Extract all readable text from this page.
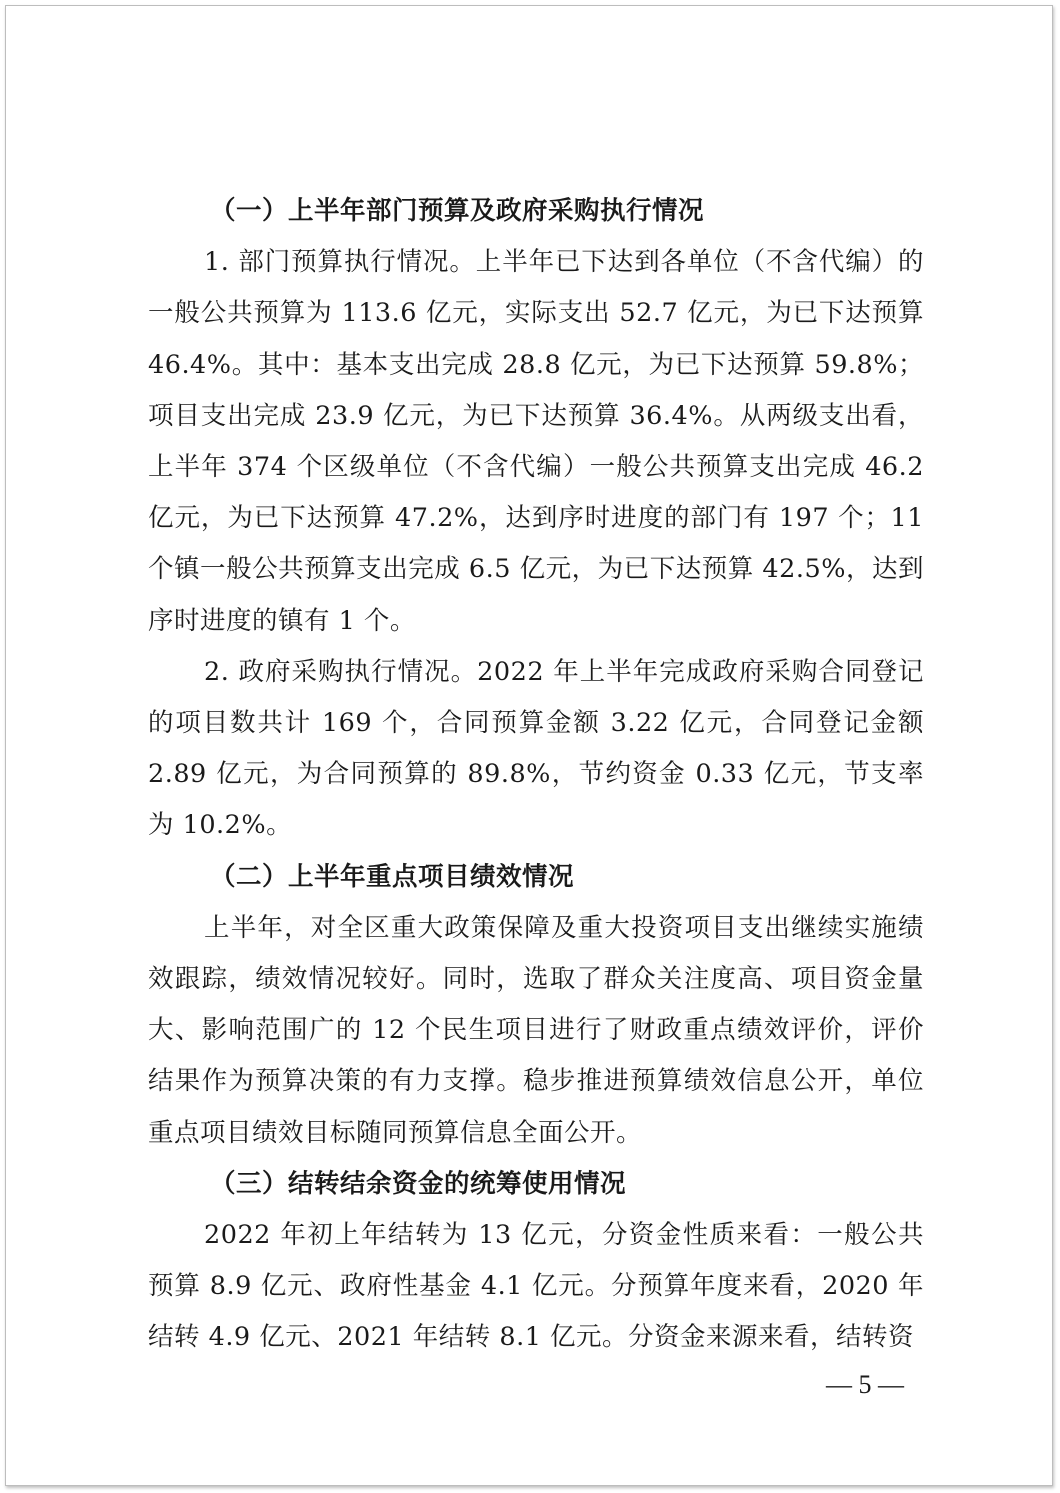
（一）上半年部门预算及政府采购执行情况

1. 部门预算执行情况。上半年已下达到各单位（不含代编）的一般公共预算为 113.6 亿元，实际支出 52.7 亿元，为已下达预算 46.4%。其中：基本支出完成 28.8 亿元，为已下达预算 59.8%；项目支出完成 23.9 亿元，为已下达预算 36.4%。从两级支出看，上半年 374 个区级单位（不含代编）一般公共预算支出完成 46.2 亿元，为已下达预算 47.2%，达到序时进度的部门有 197 个；11 个镇一般公共预算支出完成 6.5 亿元，为已下达预算 42.5%，达到序时进度的镇有 1 个。

2. 政府采购执行情况。2022 年上半年完成政府采购合同登记的项目数共计 169 个，合同预算金额 3.22 亿元，合同登记金额 2.89 亿元，为合同预算的 89.8%，节约资金 0.33 亿元，节支率为 10.2%。

（二）上半年重点项目绩效情况

上半年，对全区重大政策保障及重大投资项目支出继续实施绩效跟踪，绩效情况较好。同时，选取了群众关注度高、项目资金量大、影响范围广的 12 个民生项目进行了财政重点绩效评价，评价结果作为预算决策的有力支撑。稳步推进预算绩效信息公开，单位重点项目绩效目标随同预算信息全面公开。

（三）结转结余资金的统筹使用情况

2022 年初上年结转为 13 亿元，分资金性质来看：一般公共预算 8.9 亿元、政府性基金 4.1 亿元。分预算年度来看，2020 年结转 4.9 亿元、2021 年结转 8.1 亿元。分资金来源来看，结转资

— 5 —
